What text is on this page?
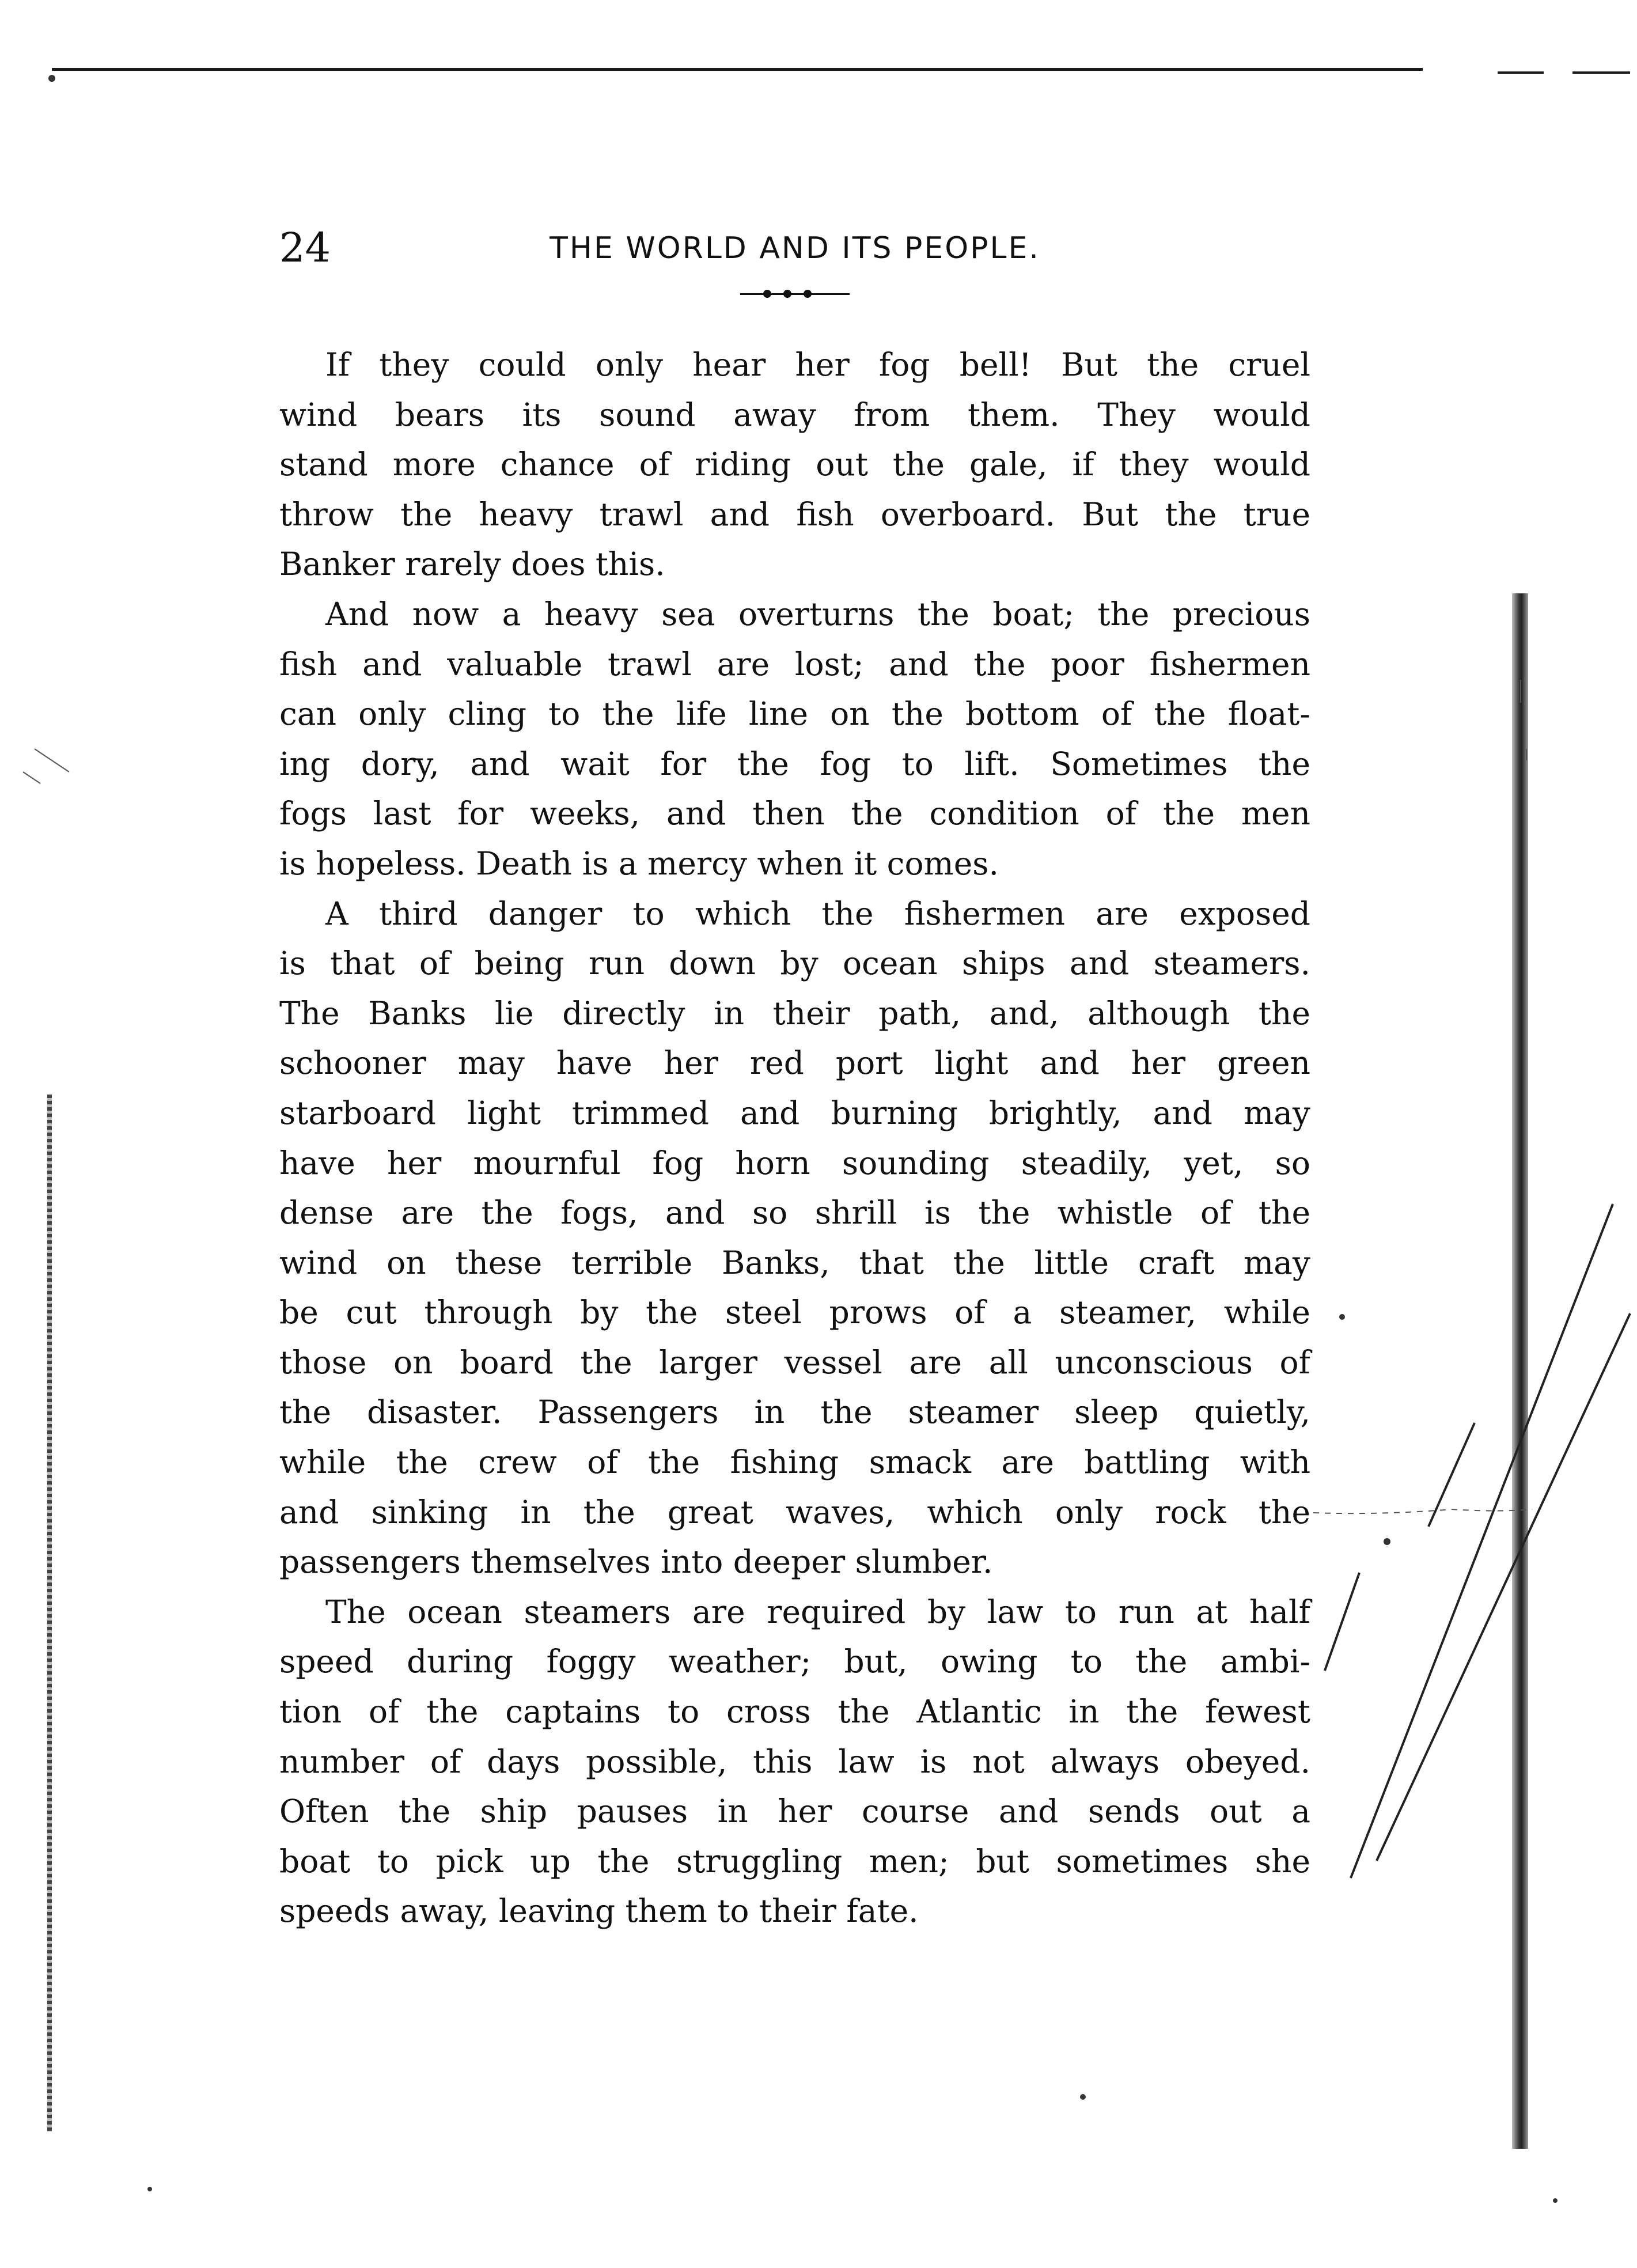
24	THE WORLD AND ITS PEOPLE.
If they could only hear her fog bell! But the cruel
wind bears its sound away from them. They would
stand more chance of riding out the gale, if they would
throw the heavy trawl and fish overboard. But the true
Banker rarely does this.
And now a heavy sea overturns the boat; the precious
fish and valuable trawl are lost; and the poor fishermen
can only cling to the life line on the bottom of the float-
ing dory, and wait for the fog to lift. Sometimes the
fogs last for weeks, and then the condition of the men
is hopeless. Death is a mercy when it comes.
A third danger to which the fishermen are exposed
is that of being run down by ocean ships and steamers.
The Banks lie directly in their path, and, although the
schooner may have her red port light and her green
starboard light trimmed and burning brightly, and may
have her mournful fog horn sounding steadily, yet, so
dense are the fogs, and so shrill is the whistle of the
wind on these terrible Banks, that the little craft may
be cut through by the steel prows of a steamer, while
those on board the larger vessel are all unconscious of
the disaster. Passengers in the steamer sleep quietly,
while the crew of the fishing smack are battling with
and sinking in the great waves, which only rock the
passengers themselves into deeper slumber.
The ocean steamers are required by law to run at half
speed during foggy weather; but, owing to the ambi-
tion of the captains to cross the Atlantic in the fewest
number of days possible, this law is not always obeyed.
Often the ship pauses in her course and sends out a
boat to pick up the struggling men; but sometimes she
speeds away, leaving them to their fate.
